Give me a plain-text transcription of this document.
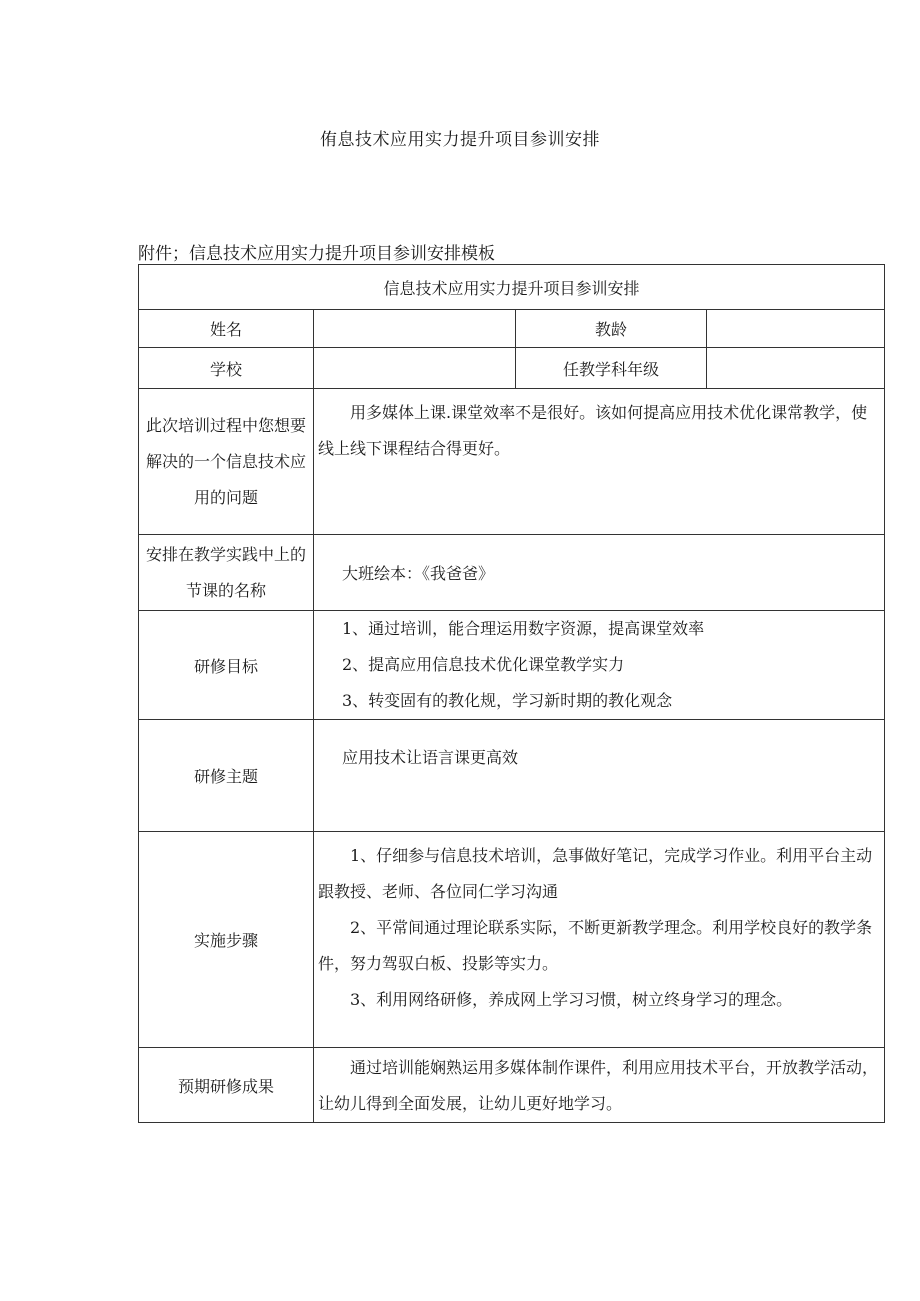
侑息技术应用实力提升项目参训安排
附件；信息技术应用实力提升项目参训安排模板
信息技术应用实力提升项目参训安排			
姓名		教龄	
学校		任教学科年级	
此次培训过程中您想要解决的一个信息技术应用的问题	用多媒体上课.课堂效率不是很好。该如何提高应用技术优化课常教学，使线上线下课程结合得更好。		

安排在教学实践中上的节课的名称	大班绘本：《我爸爸》		
研修目标	1、通过培训，能合理运用数字资源，提高课堂效率

2、提高应用信息技术优化课堂教学实力

3、转变固有的教化规，学习新时期的教化观念		

研修主题	应用技术让语言课更高效		

实施步骤	1、仔细参与信息技术培训，急事做好笔记，完成学习作业。利用平台主动跟教授、老师、各位同仁学习沟通

2、平常间通过理论联系实际，不断更新教学理念。利用学校良好的教学条件，努力驾驭白板、投影等实力。

3、利用网络研修，养成网上学习习惯，树立终身学习的理念。		

预期研修成果	通过培训能娴熟运用多媒体制作课件，利用应用技术平台，开放教学活动，让幼儿得到全面发展，让幼儿更好地学习。		
